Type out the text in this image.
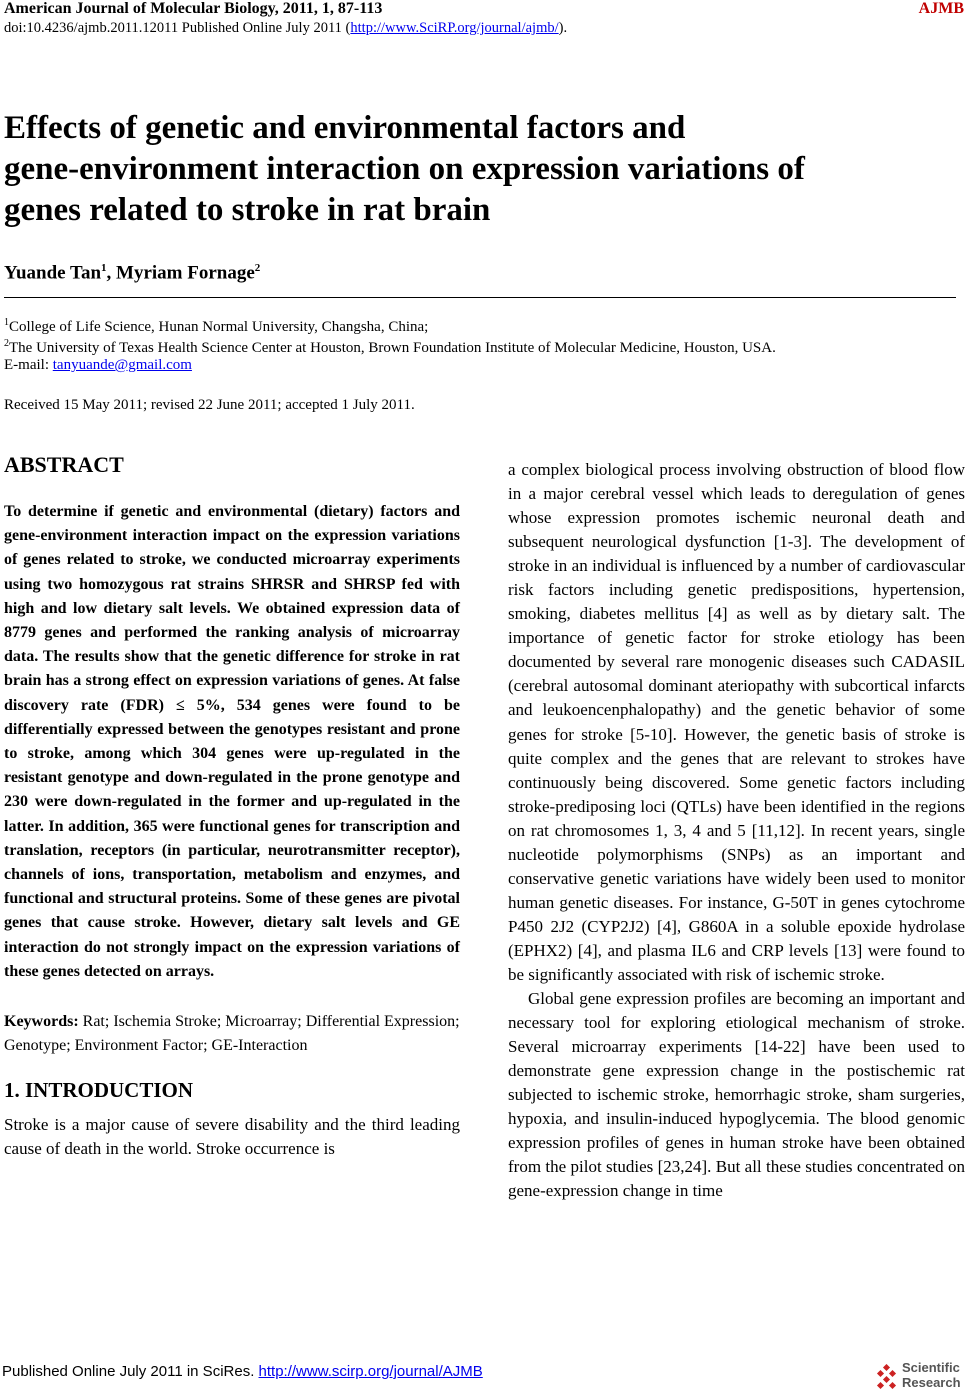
American Journal of Molecular Biology, 2011, 1, 87-113	AJMB
doi:10.4236/ajmb.2011.12011 Published Online July 2011 (http://www.SciRP.org/journal/ajmb/).
Effects of genetic and environmental factors and
gene-environment interaction on expression variations of
genes related to stroke in rat brain
Yuande Tan$^1$, Myriam Fornage$^2$
$^1$College of Life Science, Hunan Normal University, Changsha, China;
$^2$The University of Texas Health Science Center at Houston, Brown Foundation Institute of Molecular Medicine, Houston, USA.
E-mail: tanyuande@gmail.com
Received 15 May 2011; revised 22 June 2011; accepted 1 July 2011.
ABSTRACT

To determine if genetic and environmental (dietary) factors and gene-environment interaction impact on the expression variations of genes related to stroke, we conducted microarray experiments using two homozygous rat strains SHRSR and SHRSP fed with high and low dietary salt levels. We obtained expression data of 8779 genes and performed the ranking analysis of microarray data. The results show that the genetic difference for stroke in rat brain has a strong effect on expression variations of genes. At false discovery rate (FDR) ≤ 5%, 534 genes were found to be differentially expressed between the genotypes resistant and prone to stroke, among which 304 genes were up-regulated in the resistant genotype and down-regulated in the prone genotype and 230 were down-regulated in the former and up-regulated in the latter. In addition, 365 were functional genes for transcription and translation, receptors (in particular, neurotransmitter receptor), channels of ions, transportation, metabolism and enzymes, and functional and structural proteins. Some of these genes are pivotal genes that cause stroke. However, dietary salt levels and GE interaction do not strongly impact on the expression variations of these genes detected on arrays.

Keywords: Rat; Ischemia Stroke; Microarray; Differential Expression; Genotype; Environment Factor; GE-Interaction

1. INTRODUCTION

Stroke is a major cause of severe disability and the third leading cause of death in the world. Stroke occurrence is

a complex biological process involving obstruction of blood flow in a major cerebral vessel which leads to deregulation of genes whose expression promotes ischemic neuronal death and subsequent neurological dysfunction [1-3]. The development of stroke in an individual is influenced by a number of cardiovascular risk factors including genetic predispositions, hypertension, smoking, diabetes mellitus [4] as well as by dietary salt. The importance of genetic factor for stroke etiology has been documented by several rare monogenic diseases such CADASIL (cerebral autosomal dominant ateriopathy with subcortical infarcts and leukoencenphalopathy) and the genetic behavior of some genes for stroke [5-10]. However, the genetic basis of stroke is quite complex and the genes that are relevant to strokes have continuously being discovered. Some genetic factors including stroke-prediposing loci (QTLs) have been identified in the regions on rat chromosomes 1, 3, 4 and 5 [11,12]. In recent years, single nucleotide polymorphisms (SNPs) as an important and conservative genetic variations have widely been used to monitor human genetic diseases. For instance, G-50T in genes cytochrome P450 2J2 (CYP2J2) [4], G860A in a soluble epoxide hydrolase (EPHX2) [4], and plasma IL6 and CRP levels [13] were found to be significantly associated with risk of ischemic stroke.

Global gene expression profiles are becoming an important and necessary tool for exploring etiological mechanism of stroke. Several microarray experiments [14-22] have been used to demonstrate gene expression change in the postischemic rat subjected to ischemic stroke, hemorrhagic stroke, sham surgeries, hypoxia, and insulin-induced hypoglycemia. The blood genomic expression profiles of genes in human stroke have been obtained from the pilot studies [23,24]. But all these studies concentrated on gene-expression change in time

Published Online July 2011 in SciRes. http://www.scirp.org/journal/AJMB	Scientific
Research
